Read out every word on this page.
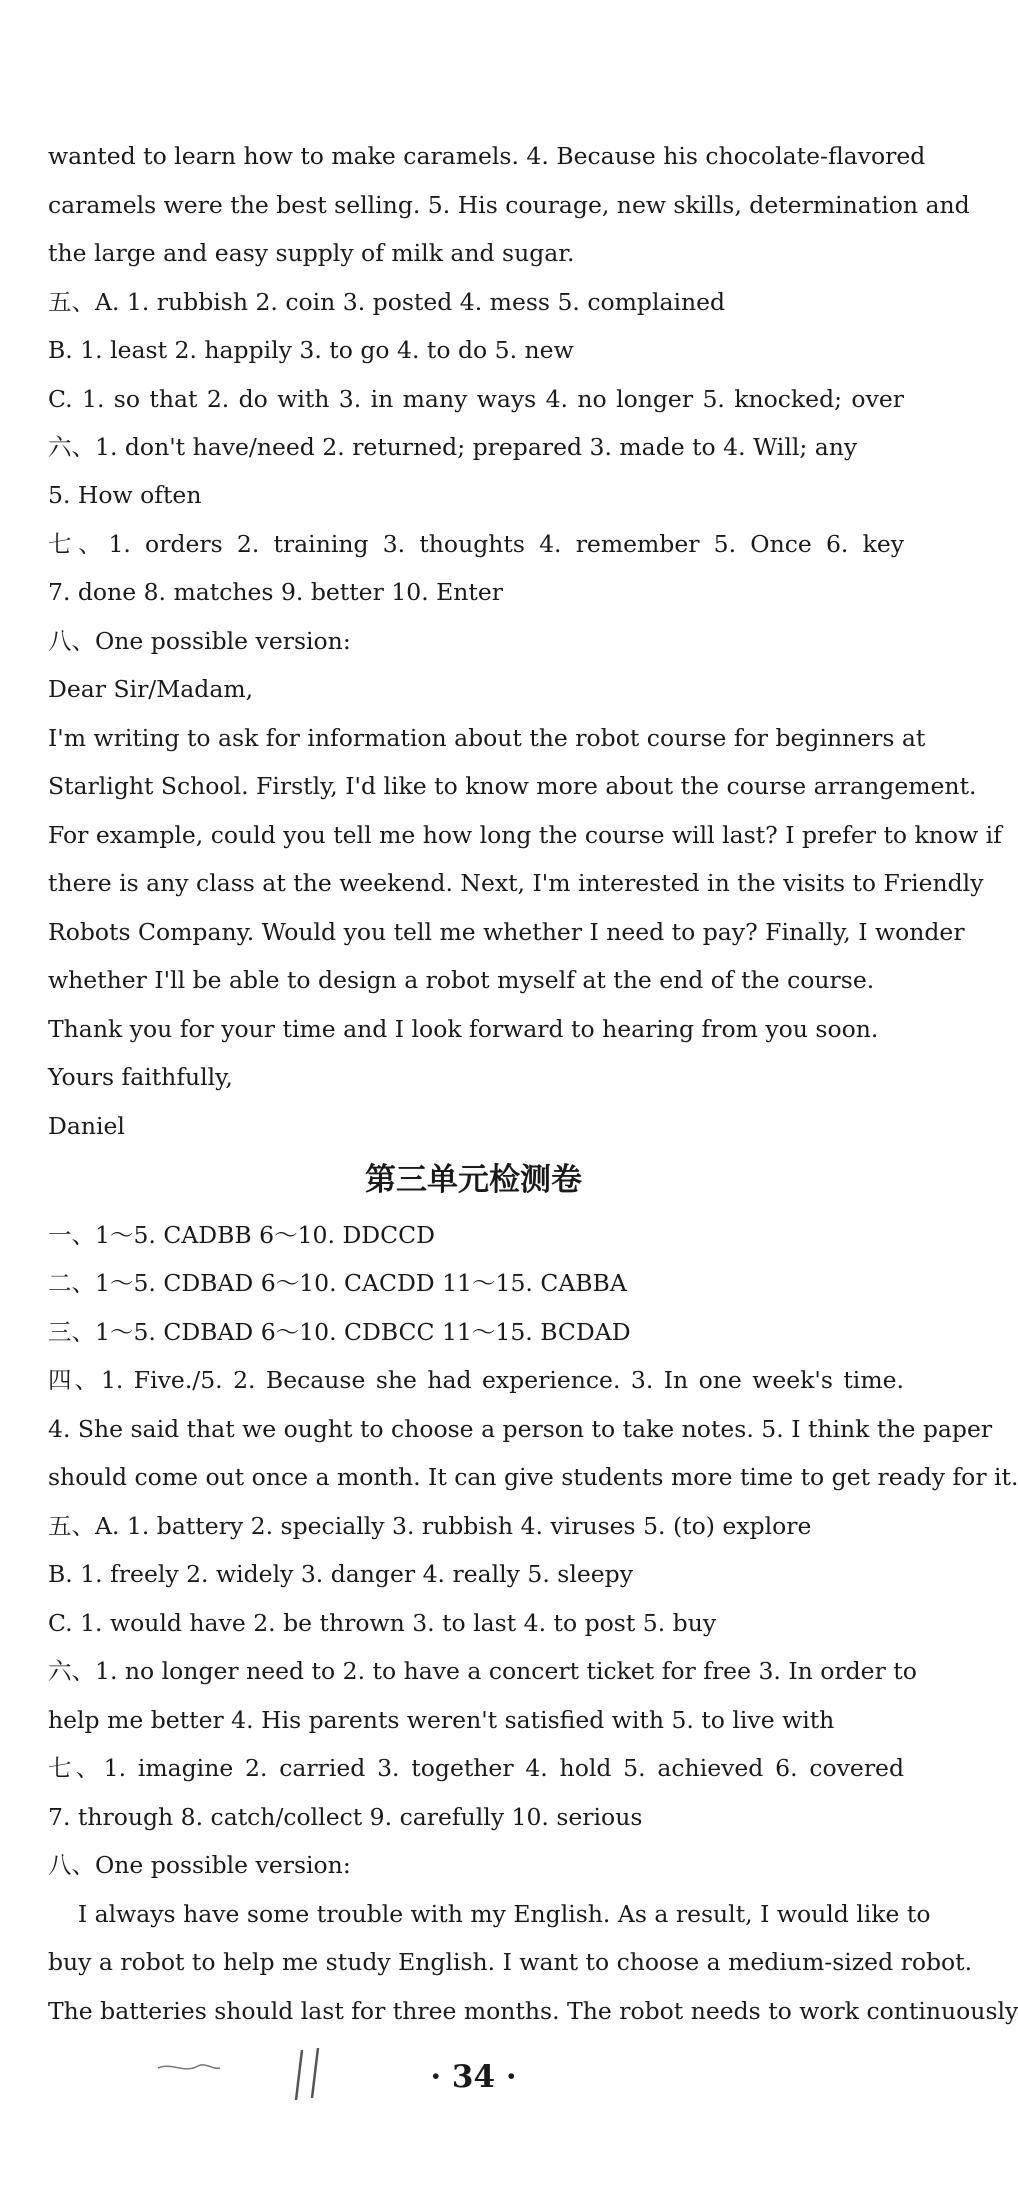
wanted to learn how to make caramels. 4. Because his chocolate-flavored
caramels were the best selling. 5. His courage, new skills, determination and
the large and easy supply of milk and sugar.
五、A. 1. rubbish 2. coin 3. posted 4. mess 5. complained
B. 1. least 2. happily 3. to go 4. to do 5. new
C. 1. so that 2. do with 3. in many ways 4. no longer 5. knocked; over
六、1. don't have/need 2. returned; prepared 3. made to 4. Will; any
5. How often
七、1. orders 2. training 3. thoughts 4. remember 5. Once 6. key
7. done 8. matches 9. better 10. Enter
八、One possible version:
Dear Sir/Madam,
I'm writing to ask for information about the robot course for beginners at
Starlight School. Firstly, I'd like to know more about the course arrangement.
For example, could you tell me how long the course will last? I prefer to know if
there is any class at the weekend. Next, I'm interested in the visits to Friendly
Robots Company. Would you tell me whether I need to pay? Finally, I wonder
whether I'll be able to design a robot myself at the end of the course.
Thank you for your time and I look forward to hearing from you soon.
Yours faithfully,
Daniel
第三单元检测卷
一、1～5. CADBB 6～10. DDCCD
二、1～5. CDBAD 6～10. CACDD 11～15. CABBA
三、1～5. CDBAD 6～10. CDBCC 11～15. BCDAD
四、1. Five./5. 2. Because she had experience. 3. In one week's time.
4. She said that we ought to choose a person to take notes. 5. I think the paper
should come out once a month. It can give students more time to get ready for it.
五、A. 1. battery 2. specially 3. rubbish 4. viruses 5. (to) explore
B. 1. freely 2. widely 3. danger 4. really 5. sleepy
C. 1. would have 2. be thrown 3. to last 4. to post 5. buy
六、1. no longer need to 2. to have a concert ticket for free 3. In order to
help me better 4. His parents weren't satisfied with 5. to live with
七、1. imagine 2. carried 3. together 4. hold 5. achieved 6. covered
7. through 8. catch/collect 9. carefully 10. serious
八、One possible version:
I always have some trouble with my English. As a result, I would like to
buy a robot to help me study English. I want to choose a medium-sized robot.
The batteries should last for three months. The robot needs to work continuously
· 34 ·
